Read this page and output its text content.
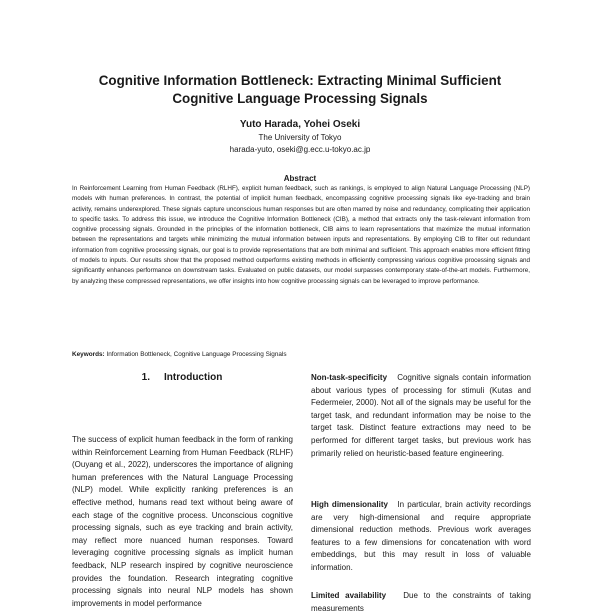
Cognitive Information Bottleneck: Extracting Minimal Sufficient
Cognitive Language Processing Signals
Yuto Harada, Yohei Oseki
The University of Tokyo
harada-yuto, oseki@g.ecc.u-tokyo.ac.jp
Abstract
In Reinforcement Learning from Human Feedback (RLHF), explicit human feedback, such as rankings, is employed to align Natural Language Processing (NLP) models with human preferences. In contrast, the potential of implicit human feedback, encompassing cognitive processing signals like eye-tracking and brain activity, remains underexplored. These signals capture unconscious human responses but are often marred by noise and redundancy, complicating their application to specific tasks. To address this issue, we introduce the Cognitive Information Bottleneck (CIB), a method that extracts only the task-relevant information from cognitive processing signals. Grounded in the principles of the information bottleneck, CIB aims to learn representations that maximize the mutual information between the representations and targets while minimizing the mutual information between inputs and representations. By employing CIB to filter out redundant information from cognitive processing signals, our goal is to provide representations that are both minimal and sufficient. This approach enables more efficient fitting of models to inputs. Our results show that the proposed method outperforms existing methods in efficiently compressing various cognitive processing signals and significantly enhances performance on downstream tasks. Evaluated on public datasets, our model surpasses contemporary state-of-the-art models. Furthermore, by analyzing these compressed representations, we offer insights into how cognitive processing signals can be leveraged to improve performance.
Keywords: Information Bottleneck, Cognitive Language Processing Signals
1. Introduction
The success of explicit human feedback in the form of ranking within Reinforcement Learning from Human Feedback (RLHF) (Ouyang et al., 2022), underscores the importance of aligning human preferences with the Natural Language Processing (NLP) model. While explicitly ranking preferences is an effective method, humans read text without being aware of each stage of the cognitive process. Unconscious cognitive processing signals, such as eye tracking and brain activity, may reflect more nuanced human responses. Toward leveraging cognitive processing signals as implicit human feedback, NLP research inspired by cognitive neuroscience provides the foundation. Research integrating cognitive processing signals into neural NLP models has shown improvements in model performance
Non-task-specificity Cognitive signals contain information about various types of processing for stimuli (Kutas and Federmeier, 2000). Not all of the signals may be useful for the target task, and redundant information may be noise to the target task. Distinct feature extractions may need to be performed for different target tasks, but previous work has primarily relied on heuristic-based feature engineering.
High dimensionality In particular, brain activity recordings are very high-dimensional and require appropriate dimensional reduction methods. Previous work averages features to a few dimensions for concatenation with word embeddings, but this may result in loss of valuable information.
Limited availability Due to the constraints of taking measurements
